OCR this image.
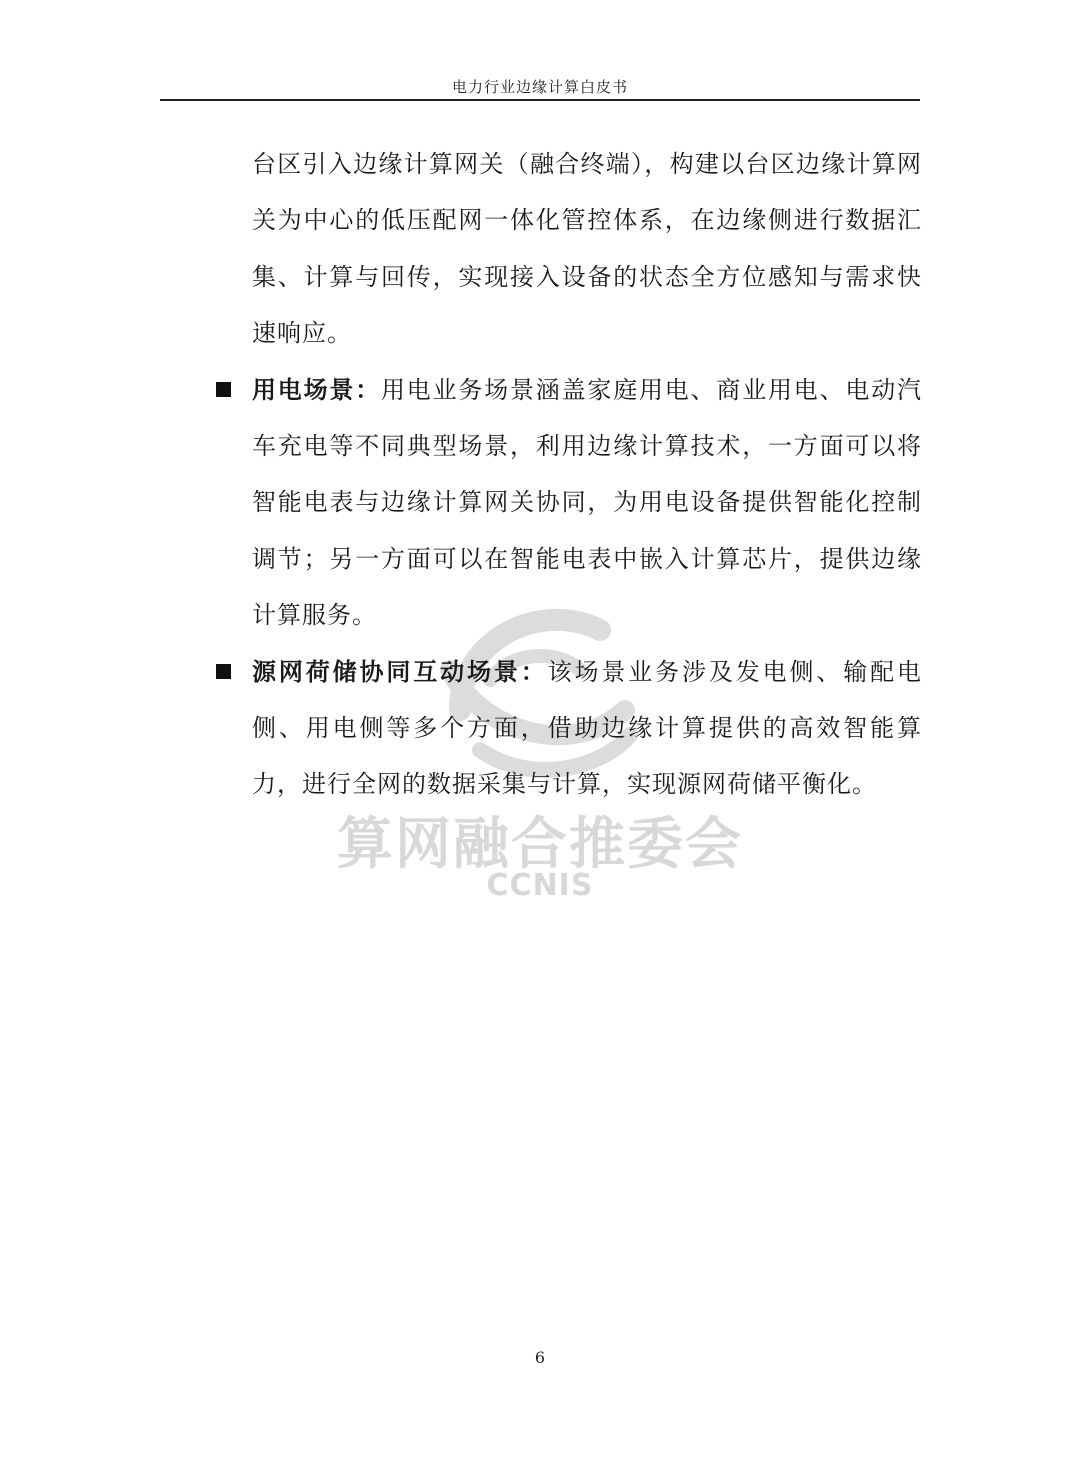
电力行业边缘计算白皮书
算网融合推委会
CCNIS

台区引入边缘计算网关（融合终端），构建以台区边缘计算网关为中心的低压配网一体化管控体系，在边缘侧进行数据汇集、计算与回传，实现接入设备的状态全方位感知与需求快速响应。

用电场景：用电业务场景涵盖家庭用电、商业用电、电动汽车充电等不同典型场景，利用边缘计算技术，一方面可以将智能电表与边缘计算网关协同，为用电设备提供智能化控制调节；另一方面可以在智能电表中嵌入计算芯片，提供边缘计算服务。

源网荷储协同互动场景：该场景业务涉及发电侧、输配电侧、用电侧等多个方面，借助边缘计算提供的高效智能算力，进行全网的数据采集与计算，实现源网荷储平衡化。

6
